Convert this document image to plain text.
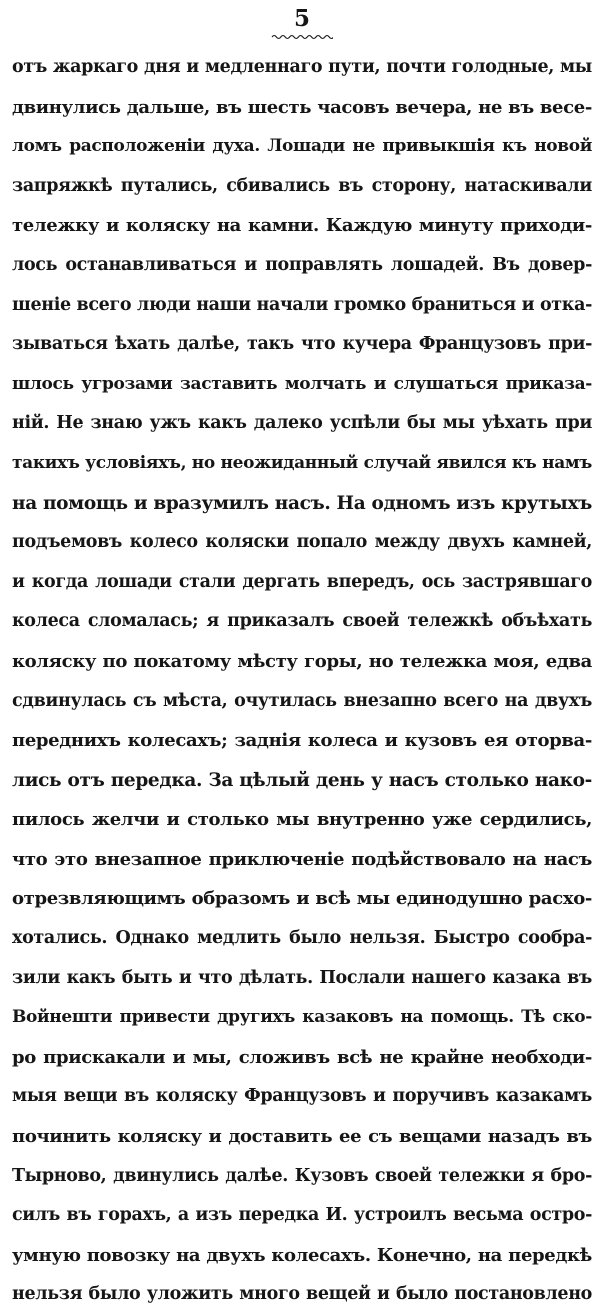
5
отъ жаркаго дня и медленнаго пути, почти голодные, мы
двинулись дальше, въ шесть часовъ вечера, не въ весе-
ломъ расположеніи духа. Лошади не привыкшія къ новой
запряжкѣ путались, сбивались въ сторону, натаскивали
тележку и коляску на камни. Каждую минуту приходи-
лось останавливаться и поправлять лошадей. Въ довер-
шеніе всего люди наши начали громко браниться и отка-
зываться ѣхать далѣе, такъ что кучера Французовъ при-
шлось угрозами заставить молчать и слушаться приказа-
ній. Не знаю ужъ какъ далеко успѣли бы мы уѣхать при
такихъ условіяхъ, но неожиданный случай явился къ намъ
на помощь и вразумилъ насъ. На одномъ изъ крутыхъ
подъемовъ колесо коляски попало между двухъ камней,
и когда лошади стали дергать впередъ, ось застрявшаго
колеса сломалась; я приказалъ своей тележкѣ объѣхать
коляску по покатому мѣсту горы, но тележка моя, едва
сдвинулась съ мѣста, очутилась внезапно всего на двухъ
переднихъ колесахъ; заднія колеса и кузовъ ея оторва-
лись отъ передка. За цѣлый день у насъ столько нако-
пилось желчи и столько мы внутренно уже сердились,
что это внезапное приключеніе подѣйствовало на насъ
отрезвляющимъ образомъ и всѣ мы единодушно расхо-
хотались. Однако медлить было нельзя. Быстро сообра-
зили какъ быть и что дѣлать. Послали нашего казака въ
Войнешти привести другихъ казаковъ на помощь. Тѣ ско-
ро прискакали и мы, сложивъ всѣ не крайне необходи-
мыя вещи въ коляску Французовъ и поручивъ казакамъ
починить коляску и доставить ее съ вещами назадъ въ
Тырново, двинулись далѣе. Кузовъ своей тележки я бро-
силъ въ горахъ, а изъ передка И. устроилъ весьма остро-
умную повозку на двухъ колесахъ. Конечно, на передкѣ
нельзя было уложить много вещей и было постановлено
